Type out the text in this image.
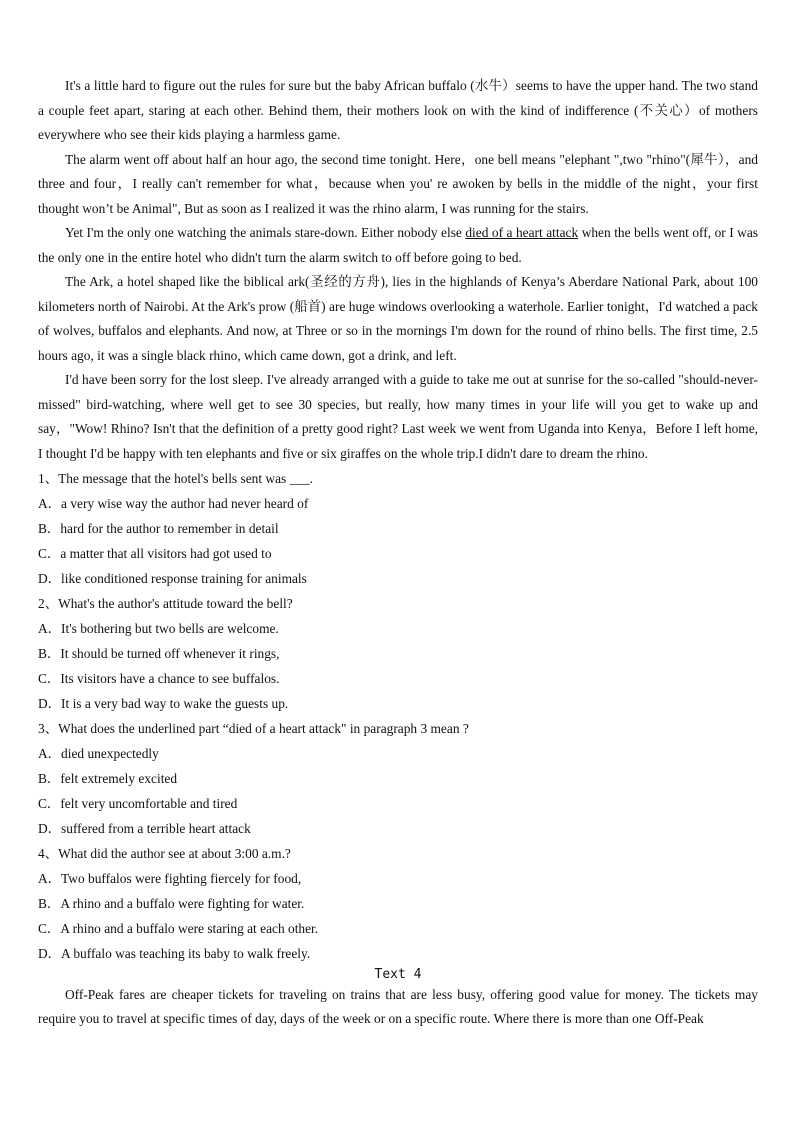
It's a little hard to figure out the rules for sure but the baby African buffalo (水牛）seems to have the upper hand. The two stand a couple feet apart, staring at each other. Behind them, their mothers look on with the kind of indifference (不关心）of mothers everywhere who see their kids playing a harmless game.

The alarm went off about half an hour ago, the second time tonight. Here，one bell means "elephant ",two "rhino"(犀牛），and three and four，I really can't remember for what，because when you' re awoken by bells in the middle of the night，your first thought won’t be Animal", But as soon as I realized it was the rhino alarm, I was running for the stairs.

Yet I'm the only one watching the animals stare-down. Either nobody else died of a heart attack when the bells went off, or I was the only one in the entire hotel who didn't turn the alarm switch to off before going to bed.

The Ark, a hotel shaped like the biblical ark(圣经的方舟), lies in the highlands of Kenya’s Aberdare National Park, about 100 kilometers north of Nairobi. At the Ark's prow (船首) are huge windows overlooking a waterhole. Earlier tonight，I'd watched a pack of wolves, buffalos and elephants. And now, at Three or so in the mornings I'm down for the round of rhino bells. The first time, 2.5 hours ago, it was a single black rhino, which came down, got a drink, and left.

I'd have been sorry for the lost sleep. I've already arranged with a guide to take me out at sunrise for the so-called "should-never-missed" bird-watching, where well get to see 30 species, but really, how many times in your life will you get to wake up and say，"Wow! Rhino? Isn't that the definition of a pretty good right? Last week we went from Uganda into Kenya，Before I left home, I thought I'd be happy with ten elephants and five or six giraffes on the whole trip.I didn't dare to dream the rhino.

1、The message that the hotel's bells sent was ___.

A．a very wise way the author had never heard of

B．hard for the author to remember in detail

C．a matter that all visitors had got used to

D．like conditioned response training for animals

2、What's the author's attitude toward the bell?

A．It's bothering but two bells are welcome.

B．It should be turned off whenever it rings,

C．Its visitors have a chance to see buffalos.

D．It is a very bad way to wake the guests up.

3、What does the underlined part “died of a heart attack" in paragraph 3 mean ?

A．died unexpectedly

B．felt extremely excited

C．felt very uncomfortable and tired

D．suffered from a terrible heart attack

4、What did the author see at about 3:00 a.m.?

A．Two buffalos were fighting fiercely for food,

B．A rhino and a buffalo were fighting for water.

C．A rhino and a buffalo were staring at each other.

D．A buffalo was teaching its baby to walk freely.

Text 4

Off-Peak fares are cheaper tickets for traveling on trains that are less busy, offering good value for money. The tickets may require you to travel at specific times of day, days of the week or on a specific route. Where there is more than one Off-Peak
